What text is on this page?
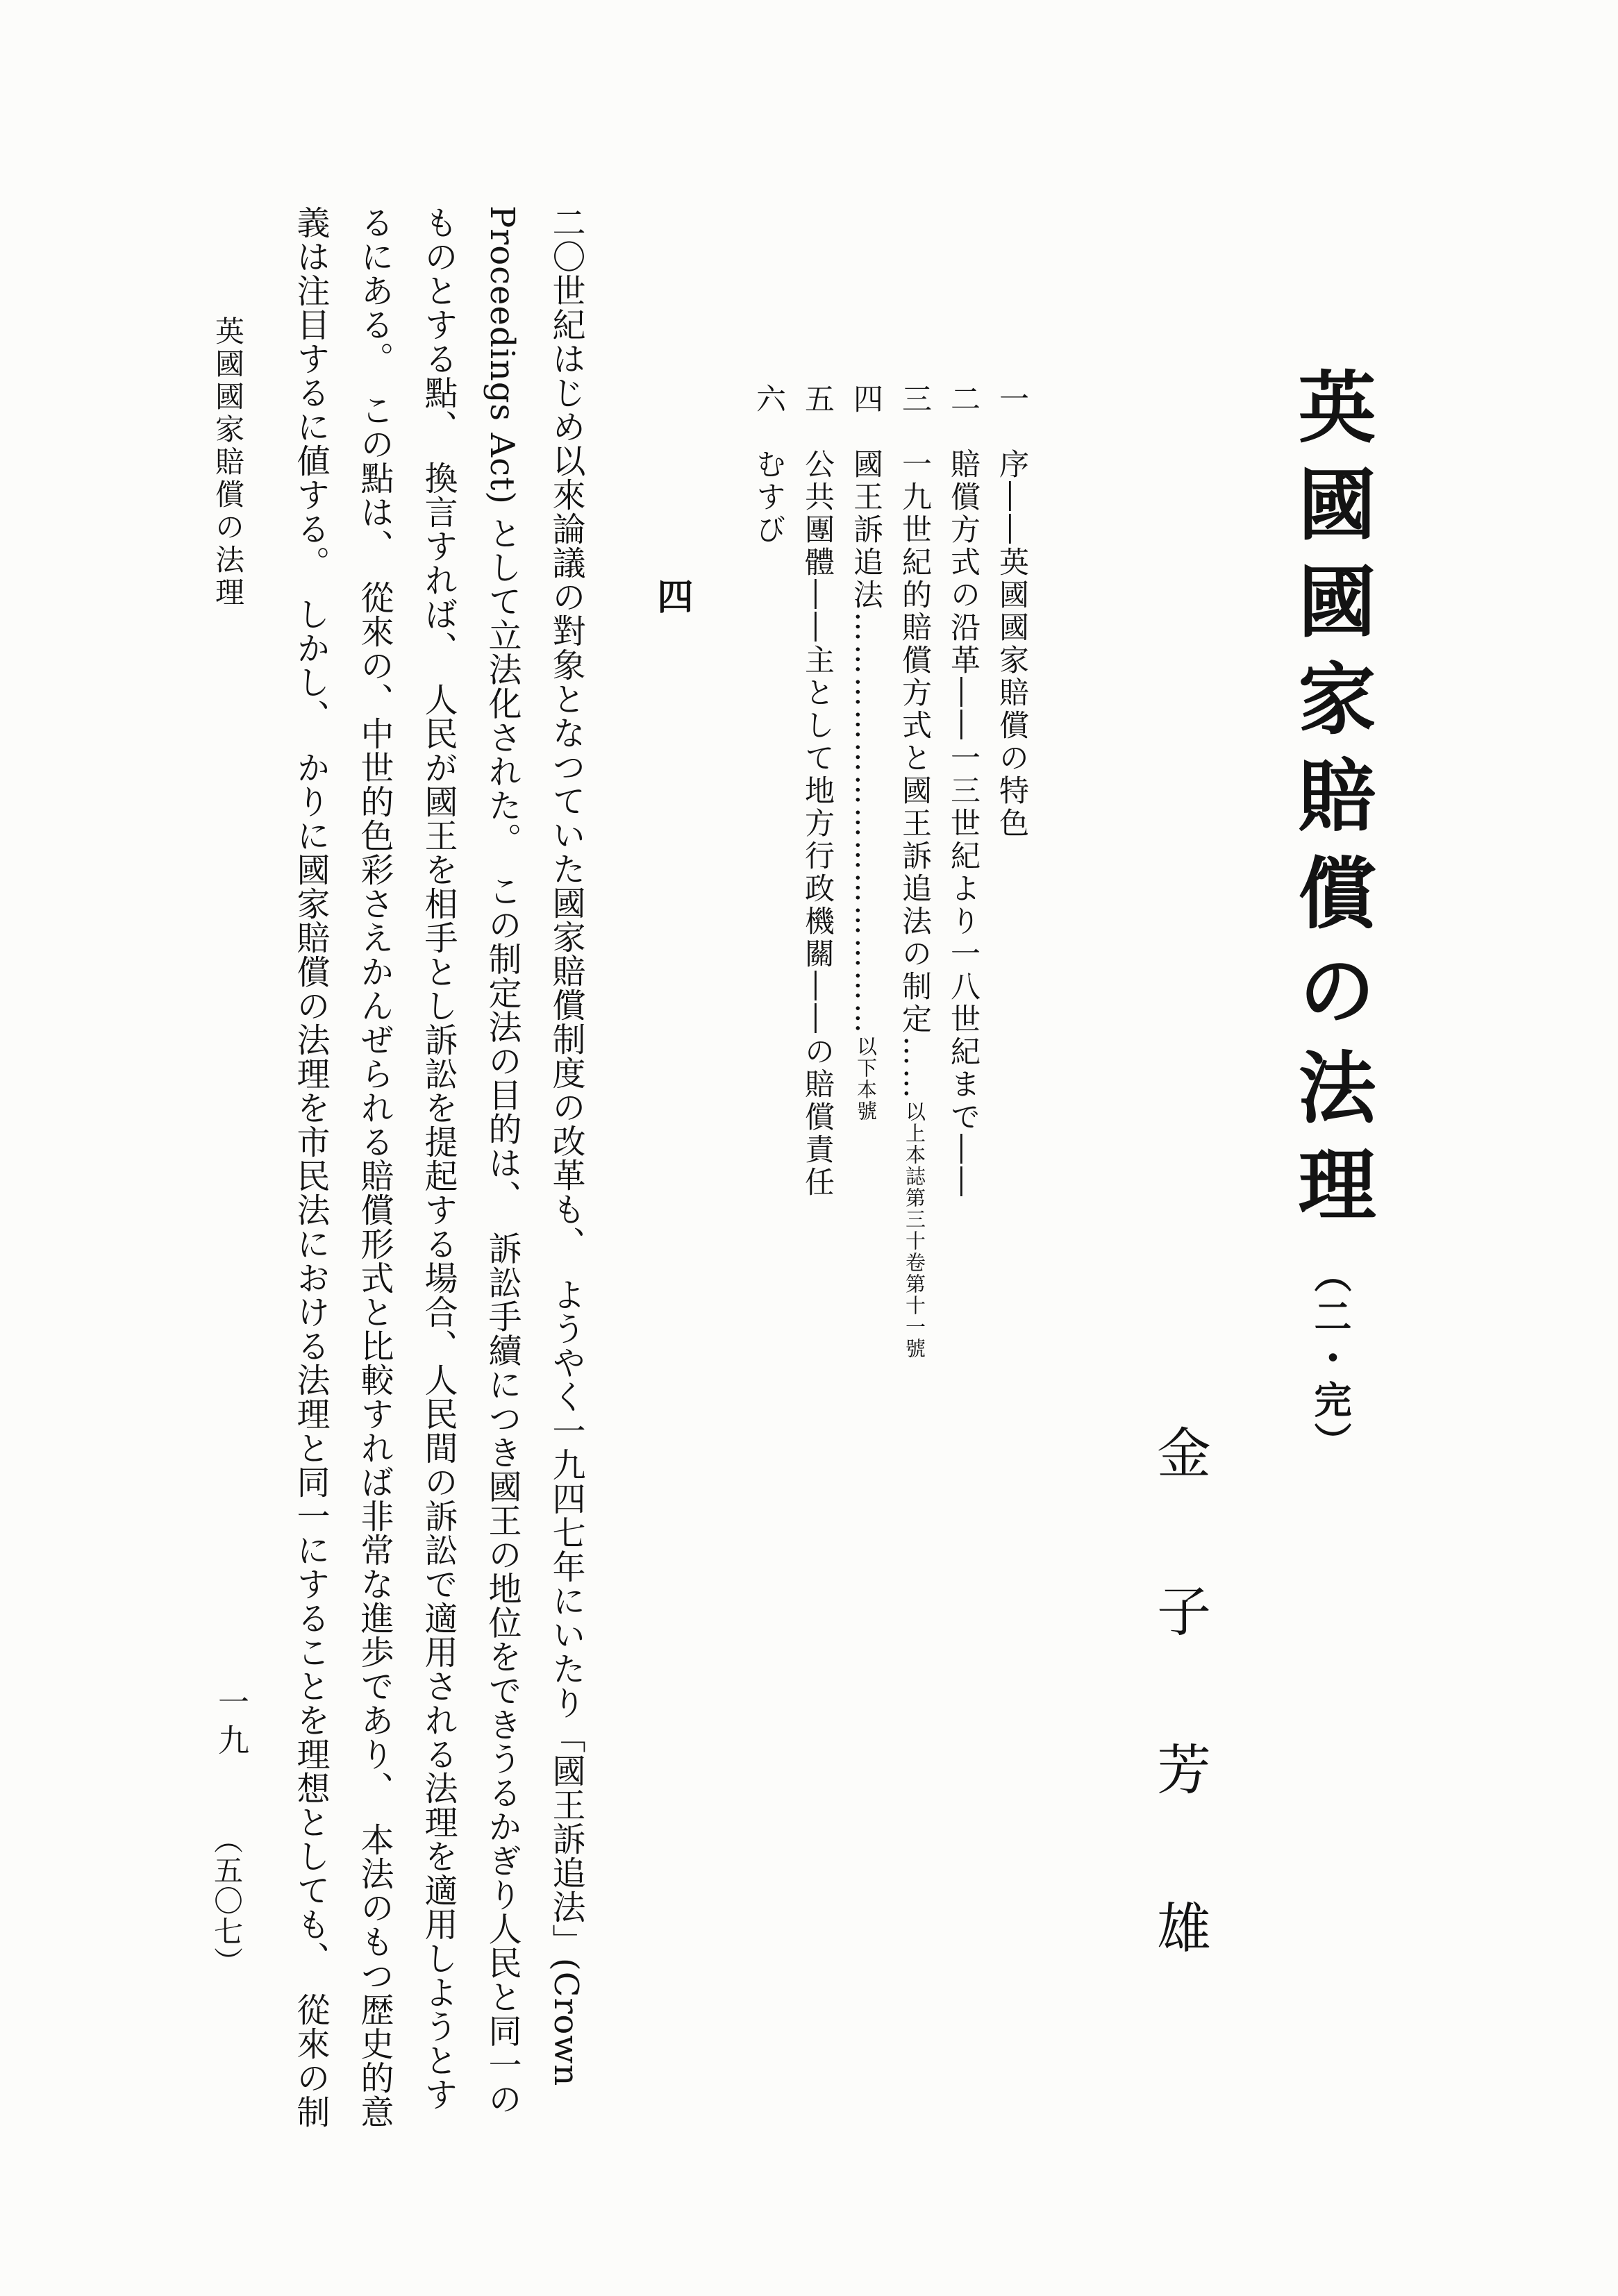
英國國家賠償の法理（二・完）
金　子　芳　雄
一　序――英國國家賠償の特色
二　賠償方式の沿革――一三世紀より一八世紀まで――
三　一九世紀的賠償方式と國王訴追法の制定……以上本誌第三十卷第十一號
四　國王訴追法…………………………………以下本號
五　公共團體――主として地方行政機關――の賠償責任
六　むすび
四
二〇世紀はじめ以來論議の對象となつていた國家賠償制度の改革も、　ようやく一九四七年にいたり「國王訴追法」(Crown
Proceedings Act) として立法化された。　この制定法の目的は、　訴訟手續につき國王の地位をできうるかぎり人民と同一の
ものとする點、　換言すれば、　人民が國王を相手とし訴訟を提起する場合、人民間の訴訟で適用される法理を適用しようとす
るにある。　この點は、　從來の、中世的色彩さえかんぜられる賠償形式と比較すれば非常な進歩であり、　本法のもつ歴史的意
義は注目するに値する。　しかし、　かりに國家賠償の法理を市民法における法理と同一にすることを理想としても、　從來の制
英國國家賠償の法理
一九
（五〇七）
